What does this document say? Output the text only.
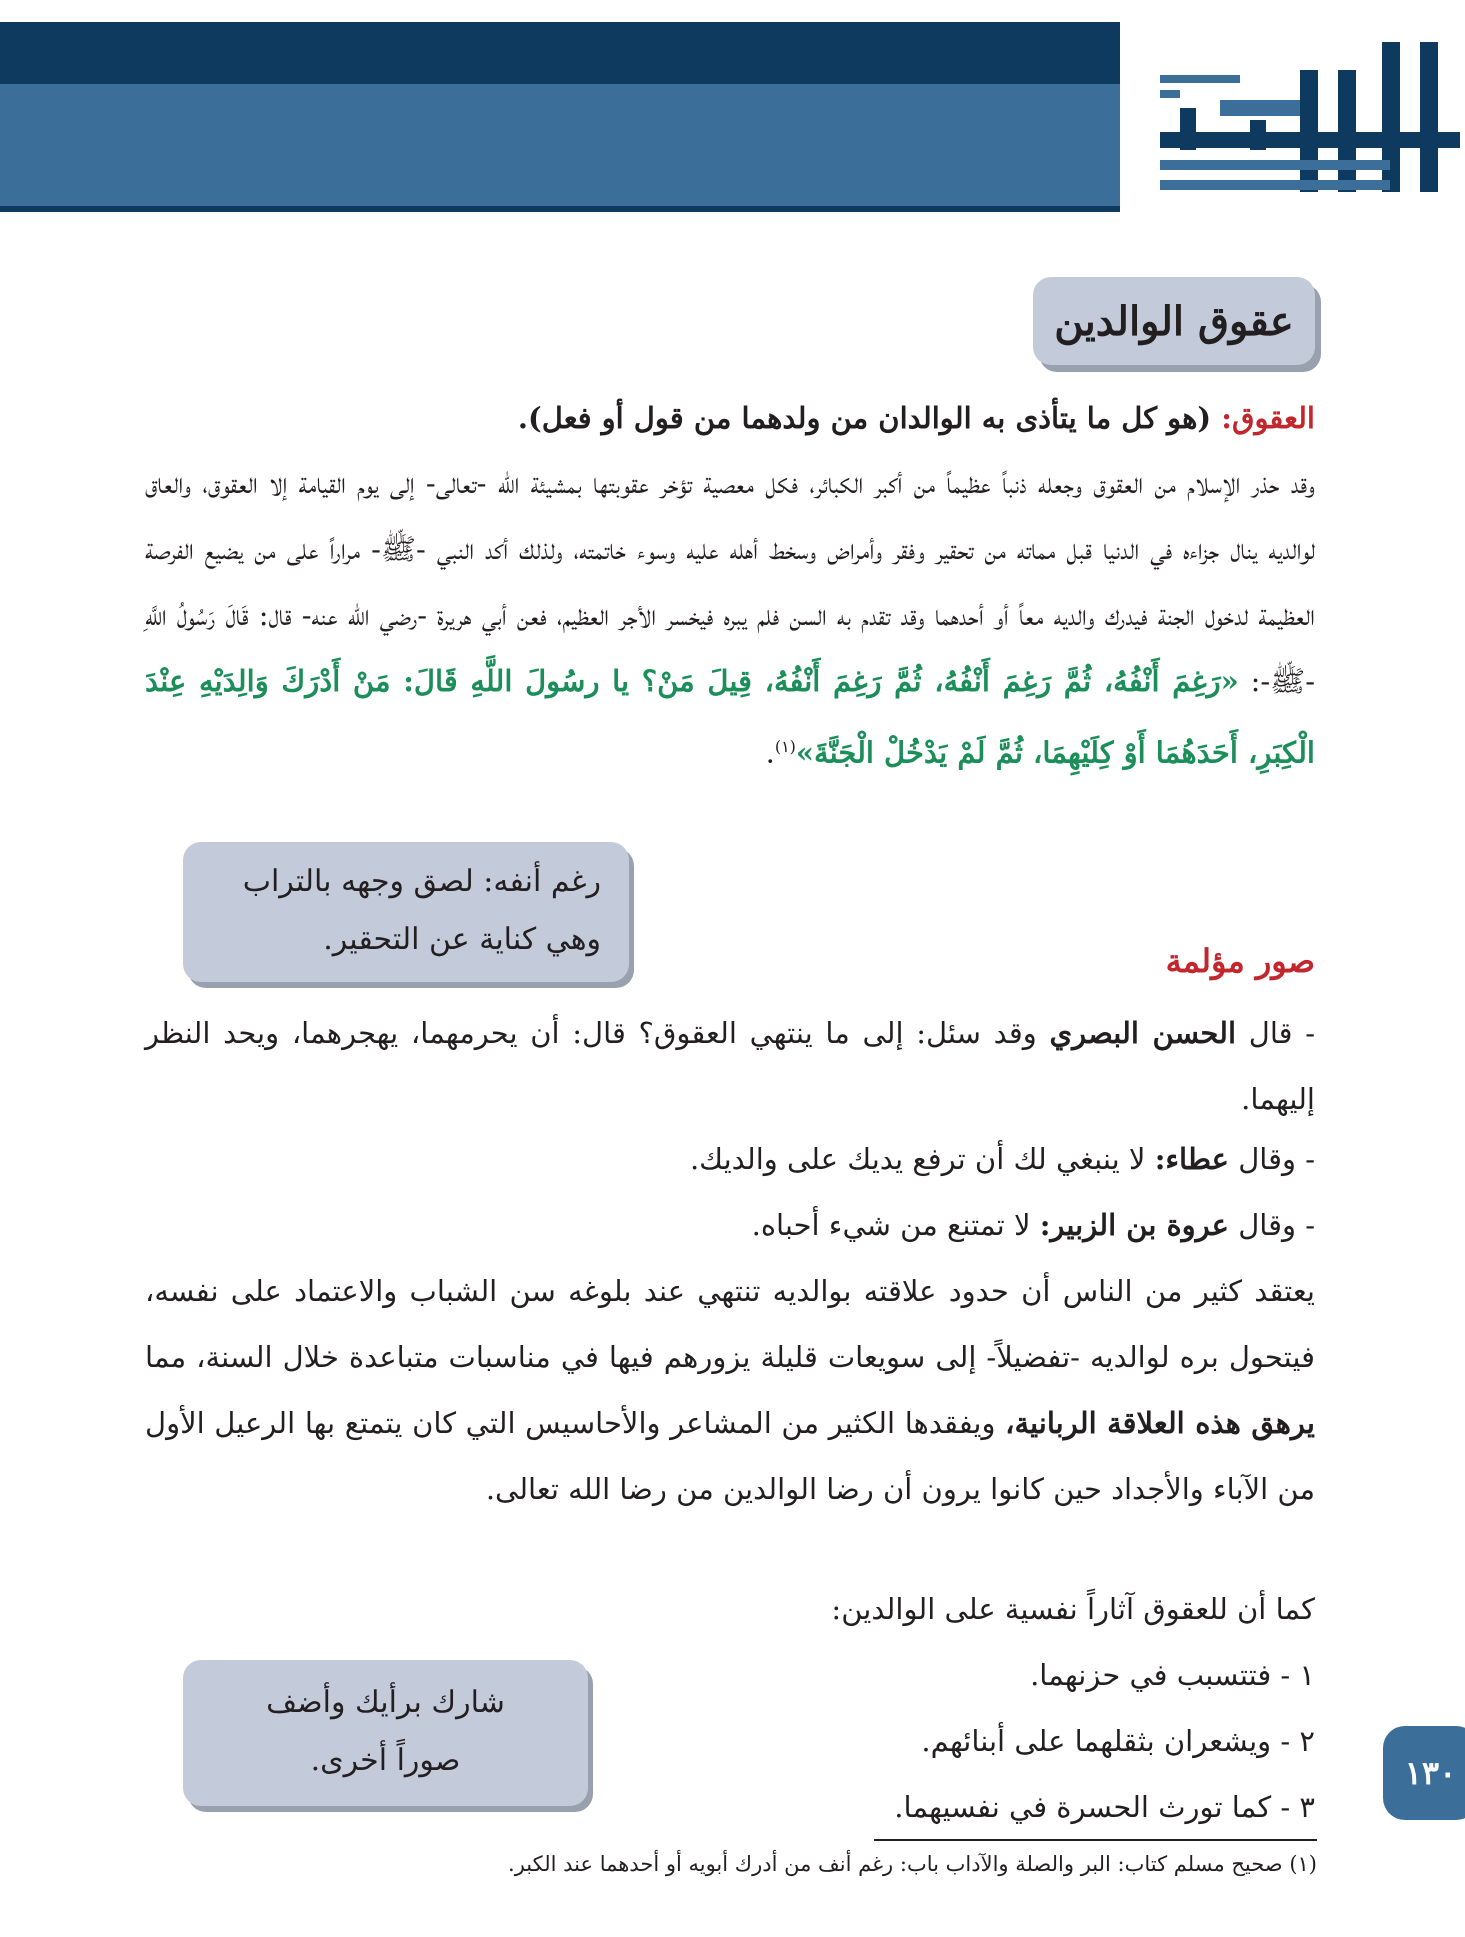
التهذيب
عقوق الوالدين
العقوق: (هو كل ما يتأذى به الوالدان من ولدهما من قول أو فعل).
وقد حذر الإسلام من العقوق وجعله ذنباً عظيماً من أكبر الكبائر، فكل معصية تؤخر عقوبتها بمشيئة الله -تعالى- إلى يوم القيامة إلا العقوق، والعاق لوالديه ينال جزاءه في الدنيا قبل مماته من تحقير وفقر وأمراض وسخط أهله عليه وسوء خاتمته، ولذلك أكد النبي -ﷺ- مراراً على من يضيع الفرصة العظيمة لدخول الجنة فيدرك والديه معاً أو أحدهما وقد تقدم به السن فلم يبره فيخسر الأجر العظيم، فعن أبي هريرة -رضي الله عنه- قال: قَالَ رَسُولُ اللَّهِ -ﷺ-: «رَغِمَ أَنْفُهُ، ثُمَّ رَغِمَ أَنْفُهُ، ثُمَّ رَغِمَ أَنْفُهُ، قِيلَ مَنْ؟ يا رسُولَ اللَّهِ قَالَ: مَنْ أَدْرَكَ وَالِدَيْهِ عِنْدَ الْكِبَرِ، أَحَدَهُمَا أَوْ كِلَيْهِمَا، ثُمَّ لَمْ يَدْخُلْ الْجَنَّةَ»$^{(١)}$.
رغم أنفه: لصق وجهه بالتراب
وهي كناية عن التحقير.
صور مؤلمة
- قال الحسن البصري وقد سئل: إلى ما ينتهي العقوق؟ قال: أن يحرمهما، يهجرهما، ويحد النظر إليهما.
- وقال عطاء: لا ينبغي لك أن ترفع يديك على والديك.
- وقال عروة بن الزبير: لا تمتنع من شيء أحباه.
يعتقد كثير من الناس أن حدود علاقته بوالديه تنتهي عند بلوغه سن الشباب والاعتماد على نفسه، فيتحول بره لوالديه -تفضيلاً- إلى سويعات قليلة يزورهم فيها في مناسبات متباعدة خلال السنة، مما يرهق هذه العلاقة الربانية، ويفقدها الكثير من المشاعر والأحاسيس التي كان يتمتع بها الرعيل الأول من الآباء والأجداد حين كانوا يرون أن رضا الوالدين من رضا الله تعالى.
كما أن للعقوق آثاراً نفسية على الوالدين:
١ - فتتسبب في حزنهما.
٢ - ويشعران بثقلهما على أبنائهم.
٣ - كما تورث الحسرة في نفسيهما.
شارك برأيك وأضف
صوراً أخرى.	١٣٠
(١) صحيح مسلم كتاب: البر والصلة والآداب باب: رغم أنف من أدرك أبويه أو أحدهما عند الكبر.
